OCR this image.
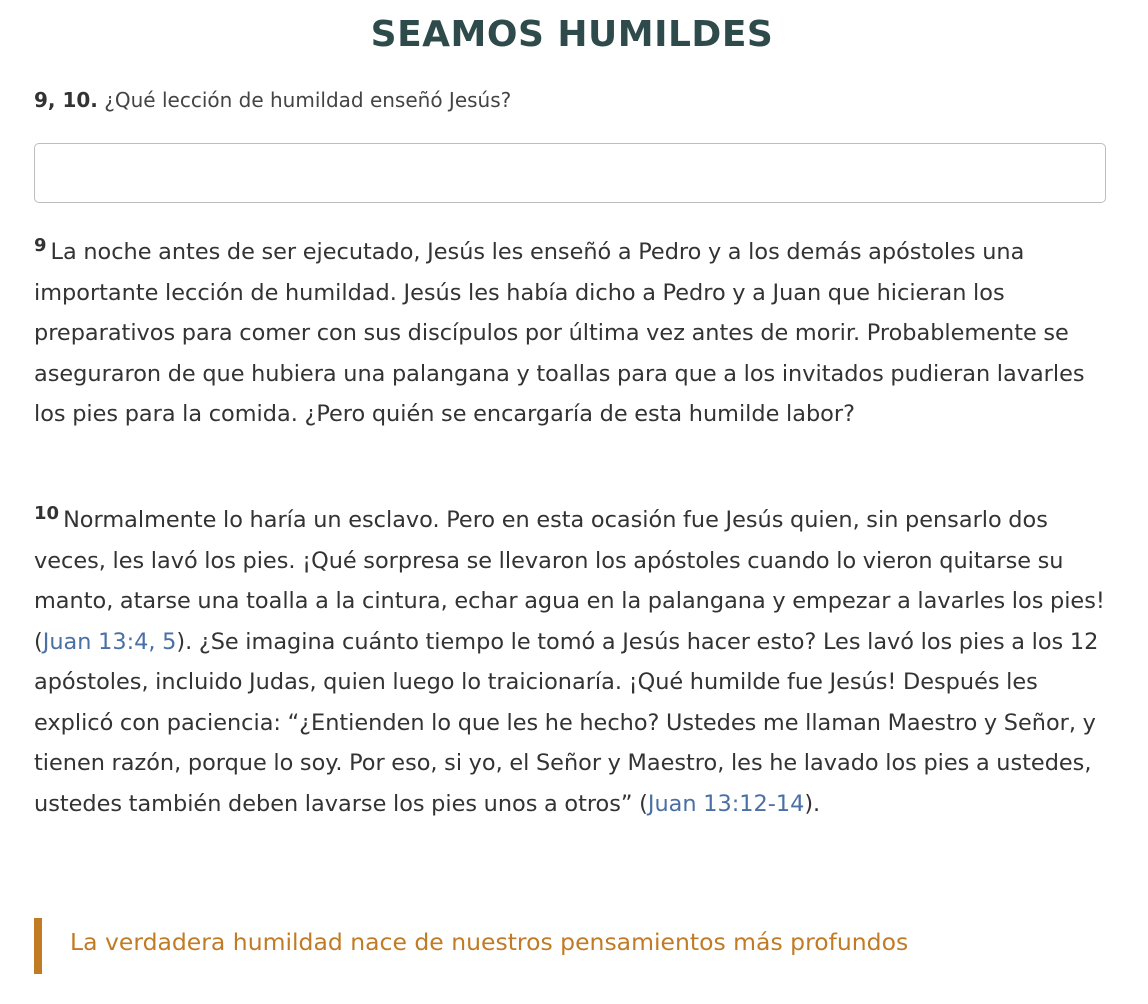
SEAMOS HUMILDES

9, 10. ¿Qué lección de humildad enseñó Jesús?

$^9$ La noche antes de ser ejecutado, Jesús les enseñó a Pedro y a los demás apóstoles una importante lección de humildad. Jesús les había dicho a Pedro y a Juan que hicieran los preparativos para comer con sus discípulos por última vez antes de morir. Probablemente se aseguraron de que hubiera una palangana y toallas para que a los invitados pudieran lavarles los pies para la comida. ¿Pero quién se encargaría de esta humilde labor?

$^{10}$ Normalmente lo haría un esclavo. Pero en esta ocasión fue Jesús quien, sin pensarlo dos veces, les lavó los pies. ¡Qué sorpresa se llevaron los apóstoles cuando lo vieron quitarse su manto, atarse una toalla a la cintura, echar agua en la palangana y empezar a lavarles los pies! (Juan 13:4, 5). ¿Se imagina cuánto tiempo le tomó a Jesús hacer esto? Les lavó los pies a los 12 apóstoles, incluido Judas, quien luego lo traicionaría. ¡Qué humilde fue Jesús! Después les explicó con paciencia: “¿Entienden lo que les he hecho? Ustedes me llaman Maestro y Señor, y tienen razón, porque lo soy. Por eso, si yo, el Señor y Maestro, les he lavado los pies a ustedes, ustedes también deben lavarse los pies unos a otros” (Juan 13:12-14).

La verdadera humildad nace de nuestros pensamientos más profundos
